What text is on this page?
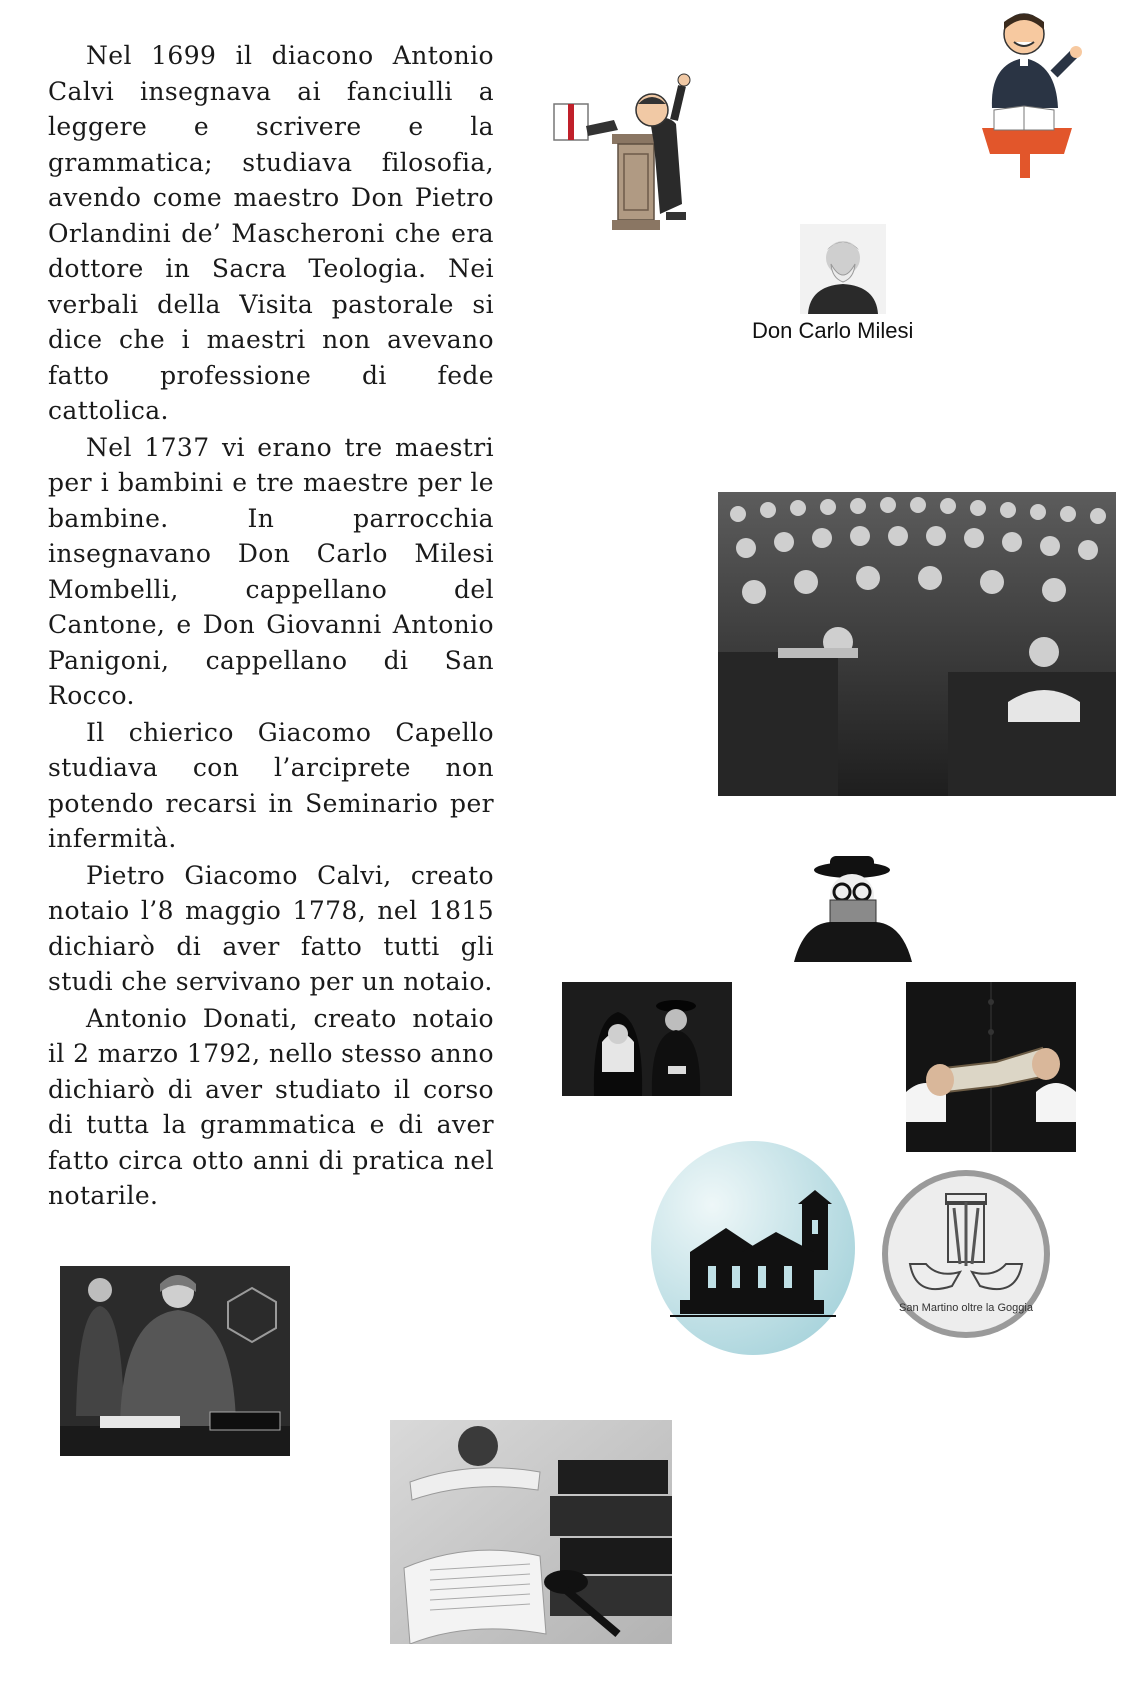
Nel 1699 il diacono Antonio Calvi insegnava ai fanciulli a leggere e scrivere e la grammatica; studiava filosofia, avendo come maestro Don Pietro Orlandini de’ Mascheroni che era dottore in Sacra Teologia. Nei verbali della Visita pastorale si dice che i maestri non avevano fatto professione di fede cattolica.

Nel 1737 vi erano tre maestri per i bambini e tre maestre per le bambine. In parrocchia insegnavano Don Carlo Milesi Mombelli, cappellano del Cantone, e Don Giovanni Antonio Panigoni, cappellano di San Rocco.

Il chierico Giacomo Capello studiava con l’arciprete non potendo recarsi in Seminario per infermità.

Pietro Giacomo Calvi, creato notaio l’8 maggio 1778, nel 1815 dichiarò di aver fatto tutti gli studi che servivano per un notaio.

Antonio Donati, creato notaio il 2 marzo 1792, nello stesso anno dichiarò di aver studiato il corso di tutta la grammatica e di aver fatto circa otto anni di pratica nel notarile.

Don Carlo Milesi
San Martino oltre la Goggia
